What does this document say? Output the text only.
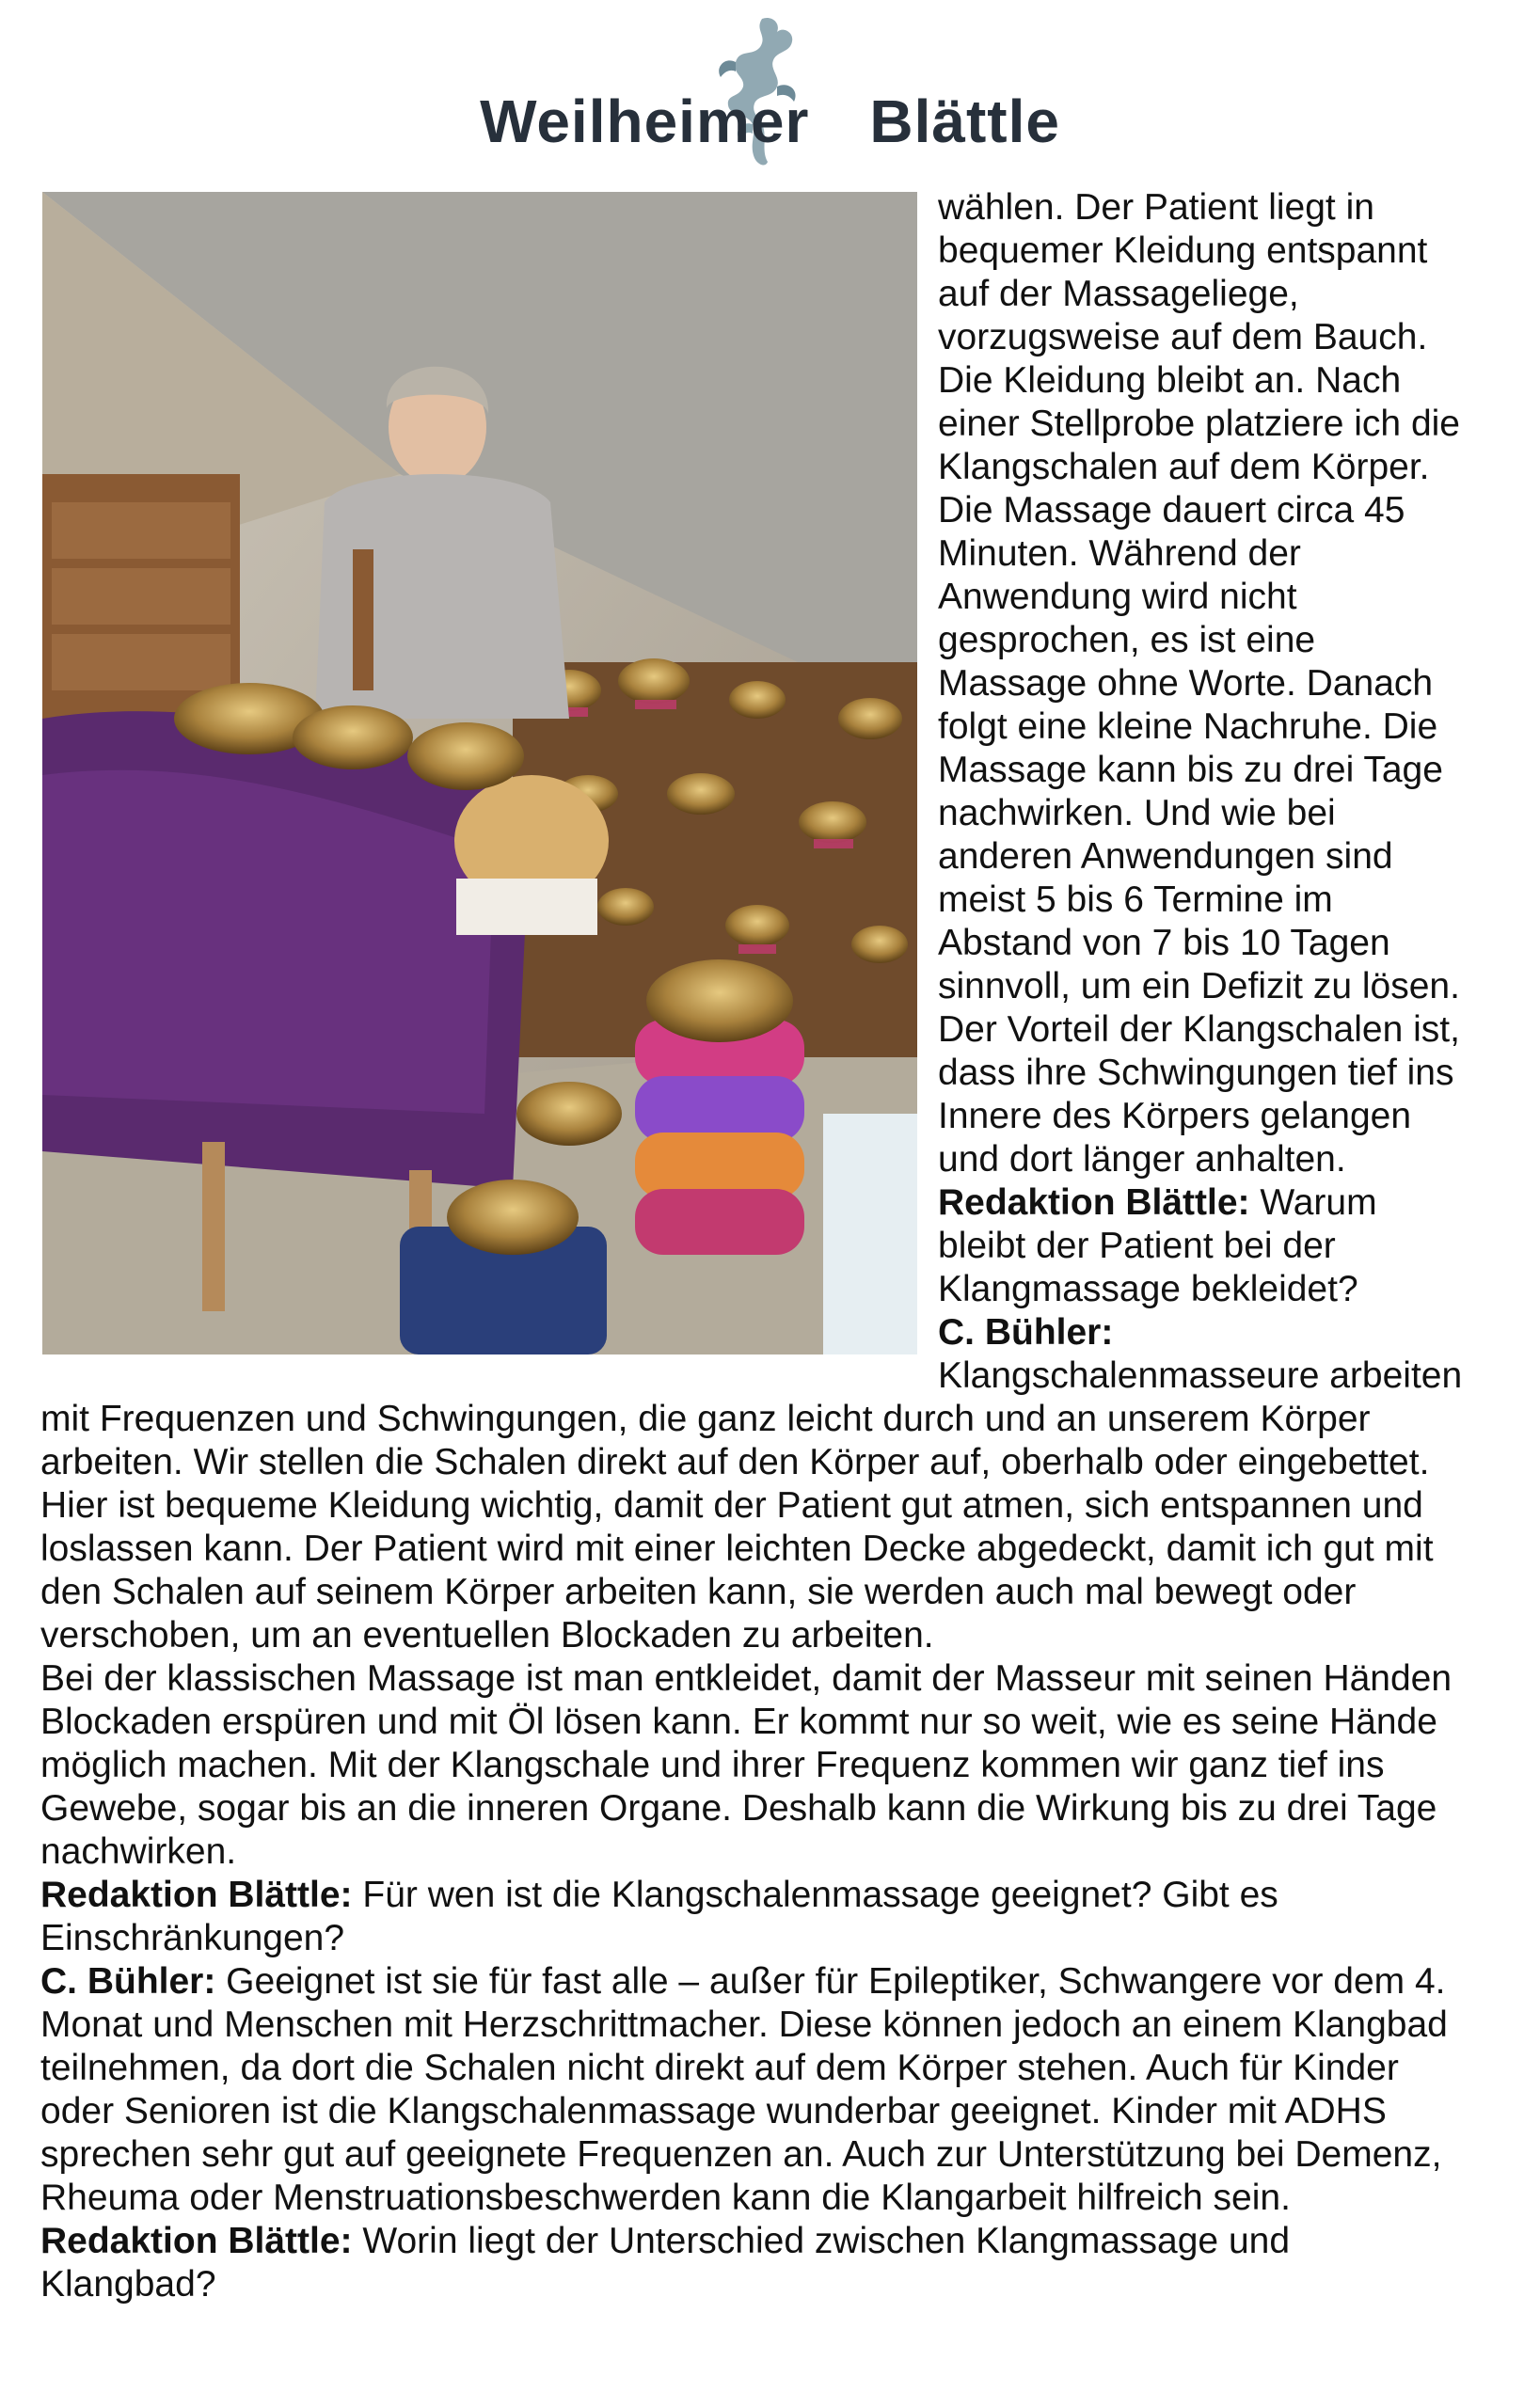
Weilheimer Blättle

wählen. Der Patient liegt in bequemer Kleidung entspannt auf der Massageliege, vorzugsweise auf dem Bauch. Die Kleidung bleibt an. Nach einer Stellprobe platziere ich die Klangschalen auf dem Körper. Die Massage dauert circa 45 Minuten. Während der Anwendung wird nicht gesprochen, es ist eine Massage ohne Worte. Danach folgt eine kleine Nachruhe. Die Massage kann bis zu drei Tage nachwirken. Und wie bei anderen Anwendungen sind meist 5 bis 6 Termine im Abstand von 7 bis 10 Tagen sinnvoll, um ein Defizit zu lösen. Der Vorteil der Klangschalen ist, dass ihre Schwingungen tief ins Innere des Körpers gelangen und dort länger anhalten.
Redaktion Blättle: Warum bleibt der Patient bei der Klangmassage bekleidet?
C. Bühler: Klangschalenmasseure arbeiten mit Frequenzen und Schwingungen, die ganz leicht durch und an unserem Körper arbeiten. Wir stellen die Schalen direkt auf den Körper auf, oberhalb oder eingebettet. Hier ist bequeme Kleidung wichtig, damit der Patient gut atmen, sich entspannen und loslassen kann. Der Patient wird mit einer leichten Decke abgedeckt, damit ich gut mit den Schalen auf seinem Körper arbeiten kann, sie werden auch mal bewegt oder verschoben, um an eventuellen Blockaden zu arbeiten.

Bei der klassischen Massage ist man entkleidet, damit der Masseur mit seinen Händen Blockaden erspüren und mit Öl lösen kann. Er kommt nur so weit, wie es seine Hände möglich machen. Mit der Klangschale und ihrer Frequenz kommen wir ganz tief ins Gewebe, sogar bis an die inneren Organe. Deshalb kann die Wirkung bis zu drei Tage nachwirken.

Redaktion Blättle: Für wen ist die Klangschalenmassage geeignet? Gibt es Einschränkungen?

C. Bühler: Geeignet ist sie für fast alle – außer für Epileptiker, Schwangere vor dem 4. Monat und Menschen mit Herzschrittmacher. Diese können jedoch an einem Klangbad teilnehmen, da dort die Schalen nicht direkt auf dem Körper stehen. Auch für Kinder oder Senioren ist die Klangschalenmassage wunderbar geeignet. Kinder mit ADHS sprechen sehr gut auf geeignete Frequenzen an. Auch zur Unterstützung bei Demenz, Rheuma oder Menstruationsbeschwerden kann die Klangarbeit hilfreich sein.

Redaktion Blättle: Worin liegt der Unterschied zwischen Klangmassage und Klangbad?
